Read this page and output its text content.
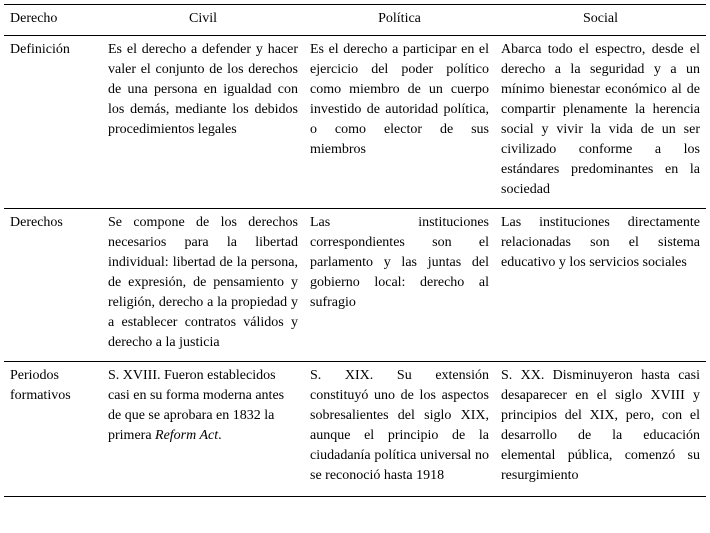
Derecho	Civil	Política	Social
Definición	Es el derecho a defender y hacer valer el conjunto de los derechos de una persona en igualdad con los demás, mediante los debidos procedimientos legales	Es el derecho a participar en el ejercicio del poder político como miembro de un cuerpo investido de autoridad política, o como elector de sus miembros	Abarca todo el espectro, desde el derecho a la seguridad y a un mínimo bienestar económico al de compartir plenamente la herencia social y vivir la vida de un ser civilizado conforme a los estándares predominantes en la sociedad
Derechos	Se compone de los derechos necesarios para la libertad individual: libertad de la persona, de expresión, de pensamiento y religión, derecho a la propiedad y a establecer contratos válidos y derecho a la justicia	Las instituciones correspondientes son el parlamento y las juntas del gobierno local: derecho al sufragio	Las instituciones directamente relacionadas son el sistema educativo y los servicios sociales
Periodos formativos	S. XVIII. Fueron establecidos casi en su forma moderna antes de que se aprobara en 1832 la primera Reform Act.	S. XIX. Su extensión constituyó uno de los aspectos sobresalientes del siglo XIX, aunque el principio de la ciudadanía política universal no se reconoció hasta 1918	S. XX. Disminuyeron hasta casi desaparecer en el siglo XVIII y principios del XIX, pero, con el desarrollo de la educación elemental pública, comenzó su resurgimiento
